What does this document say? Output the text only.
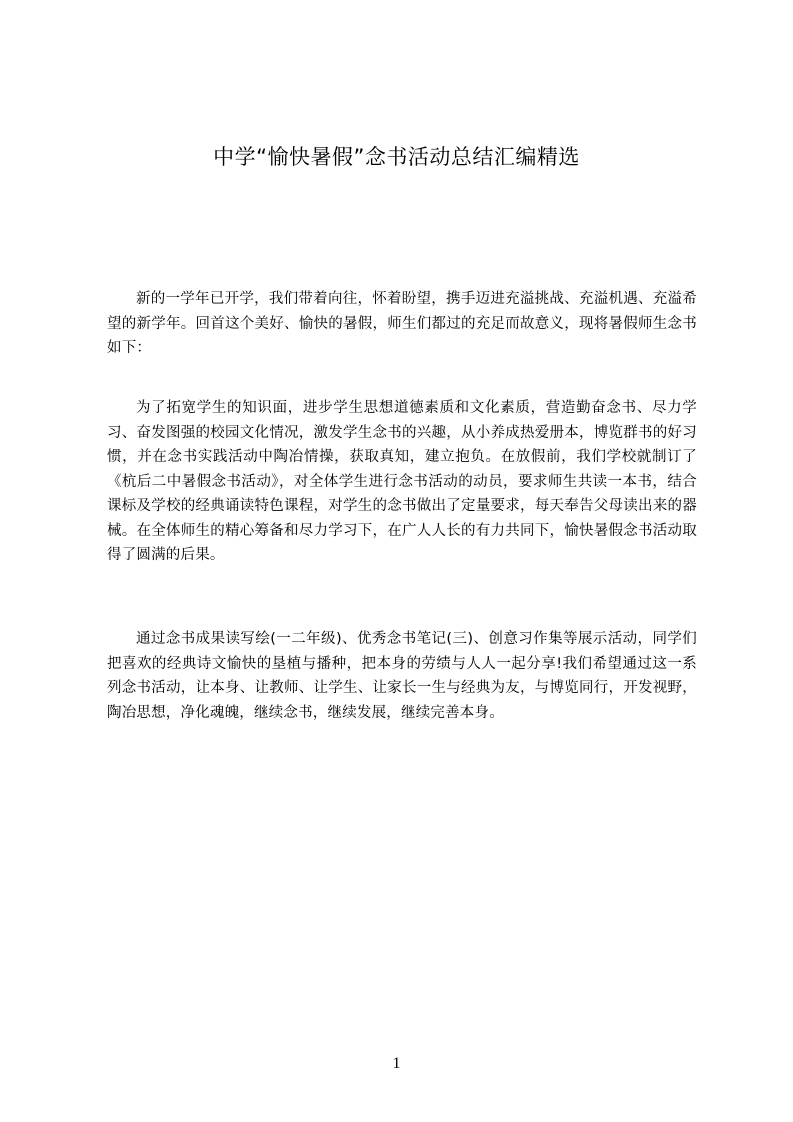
中学“愉快暑假”念书活动总结汇编精选

新的一学年已开学，我们带着向往，怀着盼望，携手迈进充溢挑战、充溢机遇、充溢希望的新学年。回首这个美好、愉快的暑假，师生们都过的充足而故意义，现将暑假师生念书如下：

为了拓宽学生的知识面，进步学生思想道德素质和文化素质，营造勤奋念书、尽力学习、奋发图强的校园文化情况，激发学生念书的兴趣，从小养成热爱册本，博览群书的好习惯，并在念书实践活动中陶冶情操，获取真知，建立抱负。在放假前，我们学校就制订了《杭后二中暑假念书活动》，对全体学生进行念书活动的动员，要求师生共读一本书，结合课标及学校的经典诵读特色课程，对学生的念书做出了定量要求，每天奉告父母读出来的器械。在全体师生的精心筹备和尽力学习下，在广人人长的有力共同下，愉快暑假念书活动取得了圆满的后果。

通过念书成果读写绘(一二年级)、优秀念书笔记(三)、创意习作集等展示活动，同学们把喜欢的经典诗文愉快的垦植与播种，把本身的劳绩与人人一起分享!我们希望通过这一系列念书活动，让本身、让教师、让学生、让家长一生与经典为友，与博览同行，开发视野，陶冶思想，净化魂魄，继续念书，继续发展，继续完善本身。

1
